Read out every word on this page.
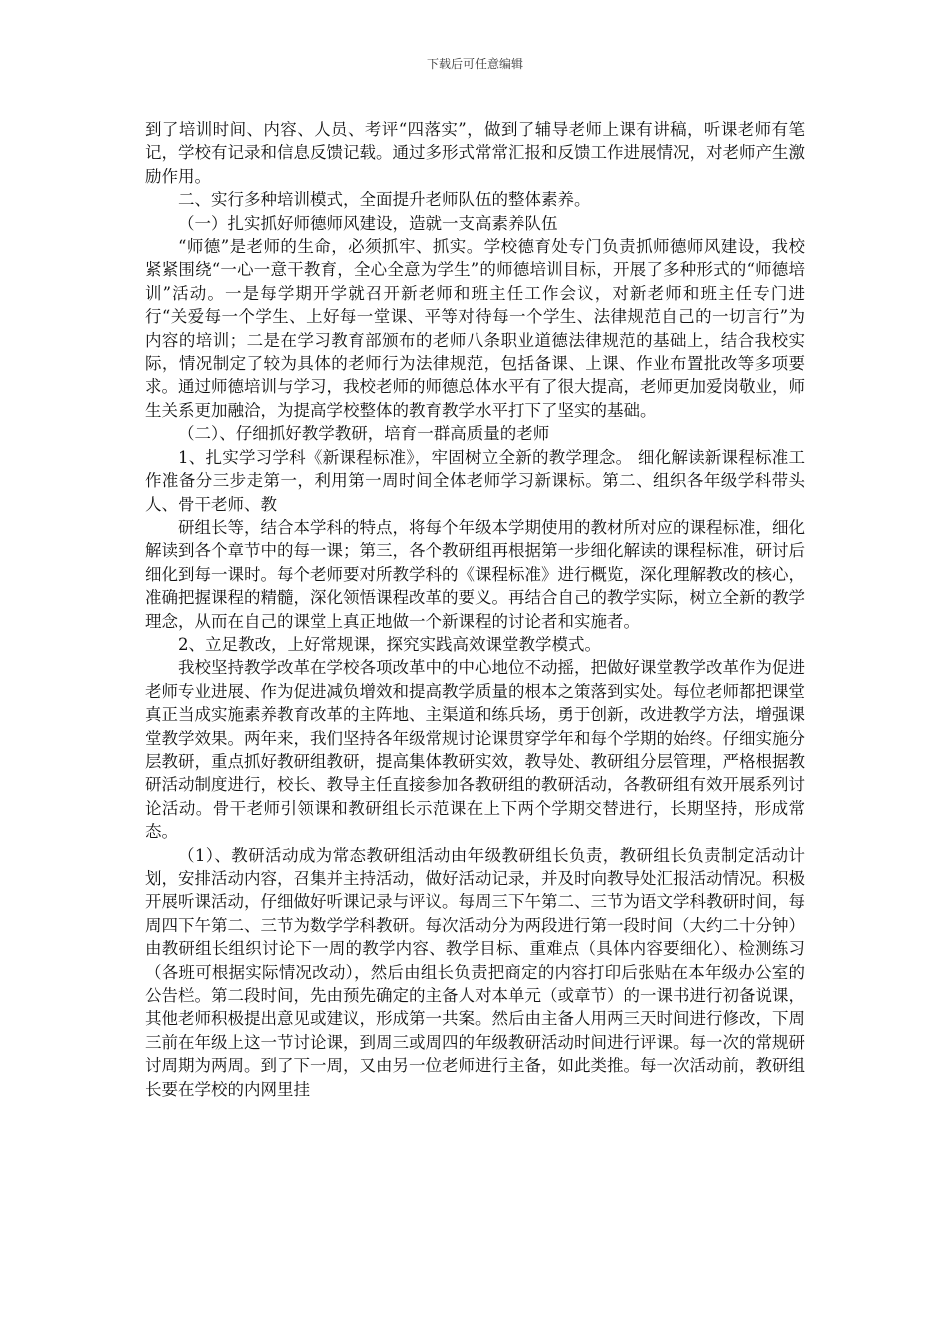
下载后可任意编辑

到了培训时间、内容、人员、考评“四落实”，做到了辅导老师上课有讲稿，听课老师有笔记，学校有记录和信息反馈记载。通过多形式常常汇报和反馈工作进展情况，对老师产生激励作用。

二、实行多种培训模式，全面提升老师队伍的整体素养。

（一）扎实抓好师德师风建设，造就一支高素养队伍

“师德”是老师的生命，必须抓牢、抓实。学校德育处专门负责抓师德师风建设，我校紧紧围绕“一心一意干教育，全心全意为学生”的师德培训目标，开展了多种形式的“师德培训”活动。一是每学期开学就召开新老师和班主任工作会议，对新老师和班主任专门进行“关爱每一个学生、上好每一堂课、平等对待每一个学生、法律规范自己的一切言行”为内容的培训；二是在学习教育部颁布的老师八条职业道德法律规范的基础上，结合我校实际，情况制定了较为具体的老师行为法律规范，包括备课、上课、作业布置批改等多项要求。通过师德培训与学习，我校老师的师德总体水平有了很大提高，老师更加爱岗敬业，师生关系更加融洽，为提高学校整体的教育教学水平打下了坚实的基础。

（二）、仔细抓好教学教研，培育一群高质量的老师

1、扎实学习学科《新课程标准》，牢固树立全新的教学理念。 细化解读新课程标准工作准备分三步走第一，利用第一周时间全体老师学习新课标。第二、组织各年级学科带头人、骨干老师、教

研组长等，结合本学科的特点，将每个年级本学期使用的教材所对应的课程标准，细化解读到各个章节中的每一课；第三，各个教研组再根据第一步细化解读的课程标准，研讨后细化到每一课时。每个老师要对所教学科的《课程标准》进行概览，深化理解教改的核心，准确把握课程的精髓，深化领悟课程改革的要义。再结合自己的教学实际，树立全新的教学理念，从而在自己的课堂上真正地做一个新课程的讨论者和实施者。

2、立足教改，上好常规课，探究实践高效课堂教学模式。

我校坚持教学改革在学校各项改革中的中心地位不动摇，把做好课堂教学改革作为促进老师专业进展、作为促进减负增效和提高教学质量的根本之策落到实处。每位老师都把课堂真正当成实施素养教育改革的主阵地、主渠道和练兵场，勇于创新，改进教学方法，增强课堂教学效果。两年来，我们坚持各年级常规讨论课贯穿学年和每个学期的始终。仔细实施分层教研，重点抓好教研组教研，提高集体教研实效，教导处、教研组分层管理，严格根据教研活动制度进行，校长、教导主任直接参加各教研组的教研活动，各教研组有效开展系列讨论活动。骨干老师引领课和教研组长示范课在上下两个学期交替进行，长期坚持，形成常态。

（1）、教研活动成为常态教研组活动由年级教研组长负责，教研组长负责制定活动计划，安排活动内容，召集并主持活动，做好活动记录，并及时向教导处汇报活动情况。积极开展听课活动，仔细做好听课记录与评议。每周三下午第二、三节为语文学科教研时间，每周四下午第二、三节为数学学科教研。每次活动分为两段进行第一段时间（大约二十分钟）由教研组长组织讨论下一周的教学内容、教学目标、重难点（具体内容要细化）、检测练习（各班可根据实际情况改动），然后由组长负责把商定的内容打印后张贴在本年级办公室的公告栏。第二段时间，先由预先确定的主备人对本单元（或章节）的一课书进行初备说课，其他老师积极提出意见或建议，形成第一共案。然后由主备人用两三天时间进行修改，下周三前在年级上这一节讨论课，到周三或周四的年级教研活动时间进行评课。每一次的常规研讨周期为两周。到了下一周，又由另一位老师进行主备，如此类推。每一次活动前，教研组长要在学校的内网里挂
